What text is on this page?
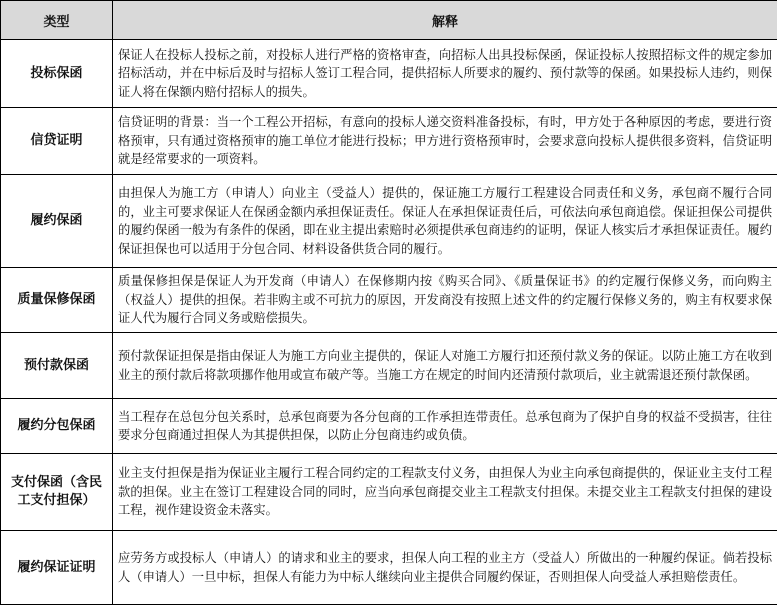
类型	解释
投标保函	保证人在投标人投标之前，对投标人进行严格的资格审查，向招标人出具投标保函，保证投标人按照招标文件的规定参加招标活动，并在中标后及时与招标人签订工程合同，提供招标人所要求的履约、预付款等的保函。如果投标人违约，则保证人将在保额内赔付招标人的损失。
信贷证明	信贷证明的背景：当一个工程公开招标，有意向的投标人递交资料准备投标，有时，甲方处于各种原因的考虑，要进行资格预审，只有通过资格预审的施工单位才能进行投标；甲方进行资格预审时，会要求意向投标人提供很多资料，信贷证明就是经常要求的一项资料。
履约保函	由担保人为施工方（申请人）向业主（受益人）提供的，保证施工方履行工程建设合同责任和义务，承包商不履行合同的，业主可要求保证人在保函金额内承担保证责任。保证人在承担保证责任后，可依法向承包商追偿。保证担保公司提供的履约保函一般为有条件的保函，即在业主提出索赔时必须提供承包商违约的证明，保证人核实后才承担保证责任。履约保证担保也可以适用于分包合同、材料设备供货合同的履行。
质量保修保函	质量保修担保是保证人为开发商（申请人）在保修期内按《购买合同》、《质量保证书》的约定履行保修义务，而向购主（权益人）提供的担保。若非购主或不可抗力的原因，开发商没有按照上述文件的约定履行保修义务的，购主有权要求保证人代为履行合同义务或赔偿损失。
预付款保函	预付款保证担保是指由保证人为施工方向业主提供的，保证人对施工方履行扣还预付款义务的保证。以防止施工方在收到业主的预付款后将款项挪作他用或宣布破产等。当施工方在规定的时间内还清预付款项后，业主就需退还预付款保函。
履约分包保函	当工程存在总包分包关系时，总承包商要为各分包商的工作承担连带责任。总承包商为了保护自身的权益不受损害，往往要求分包商通过担保人为其提供担保，以防止分包商违约或负债。
支付保函（含民工支付担保）	业主支付担保是指为保证业主履行工程合同约定的工程款支付义务，由担保人为业主向承包商提供的，保证业主支付工程款的担保。业主在签订工程建设合同的同时，应当向承包商提交业主工程款支付担保。未提交业主工程款支付担保的建设工程，视作建设资金未落实。
履约保证证明	应劳务方或投标人（申请人）的请求和业主的要求，担保人向工程的业主方（受益人）所做出的一种履约保证。倘若投标人（申请人）一旦中标，担保人有能力为中标人继续向业主提供合同履约保证，否则担保人向受益人承担赔偿责任。
